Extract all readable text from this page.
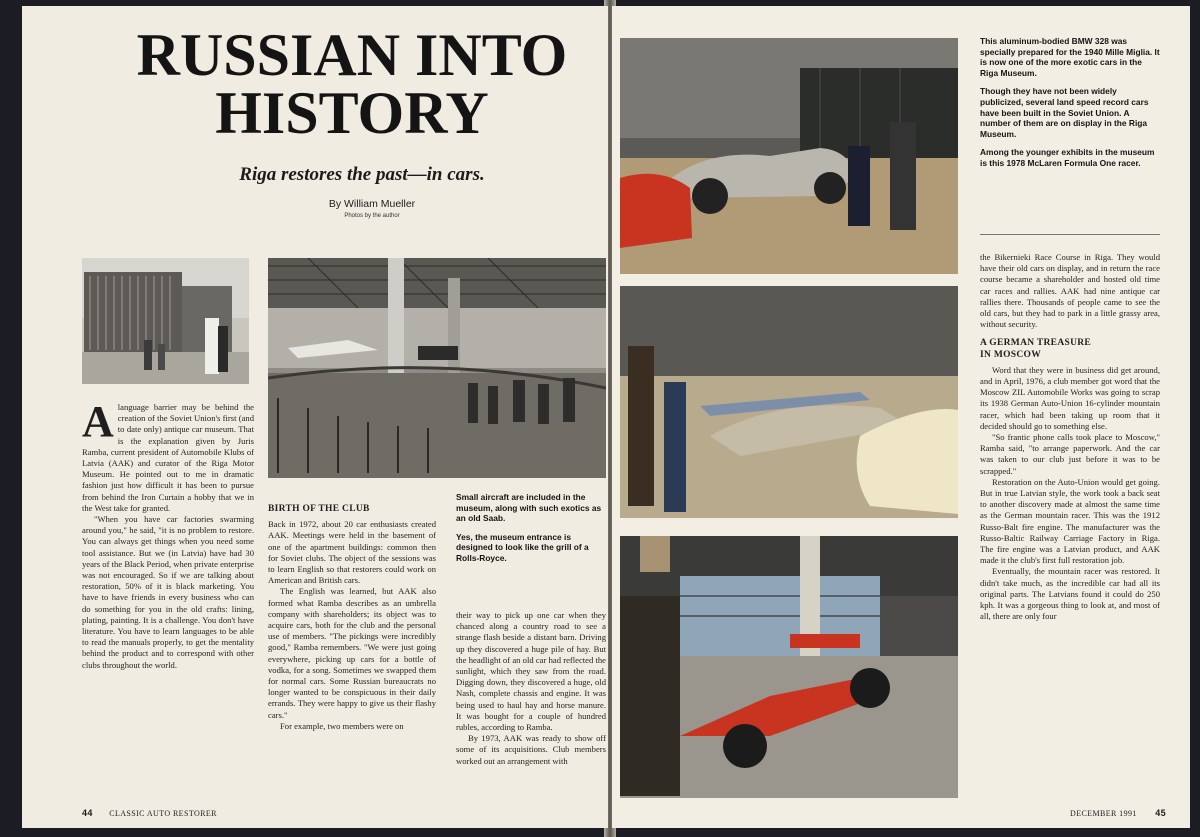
RUSSIAN INTO
HISTORY
Riga restores the past—in cars.
By William Mueller
Photos by the author

Alanguage barrier may be behind the creation of the Soviet Union's first (and to date only) antique car museum. That is the explanation given by Juris Ramba, current president of Automobile Klubs of Latvia (AAK) and curator of the Riga Motor Museum. He pointed out to me in dramatic fashion just how difficult it has been to pursue from behind the Iron Curtain a hobby that we in the West take for granted.

"When you have car factories swarming around you," he said, "it is no problem to restore. You can always get things when you need some tool assistance. But we (in Latvia) have had 30 years of the Black Period, when private enterprise was not encouraged. So if we are talking about restoration, 50% of it is black marketing. You have to have friends in every business who can do something for you in the old crafts: lining, plating, painting. It is a challenge. You don't have literature. You have to learn languages to be able to read the manuals properly, to get the mentality behind the product and to correspond with other clubs throughout the world.

BIRTH OF THE CLUB

Back in 1972, about 20 car enthusiasts created AAK. Meetings were held in the basement of one of the apartment buildings: common then for Soviet clubs. The object of the sessions was to learn English so that restorers could work on American and British cars.

The English was learned, but AAK also formed what Ramba describes as an umbrella company with shareholders; its object was to acquire cars, both for the club and the personal use of members. "The pickings were incredibly good," Ramba remembers. "We were just going everywhere, picking up cars for a bottle of vodka, for a song. Sometimes we swapped them for normal cars. Some Russian bureaucrats no longer wanted to be conspicuous in their daily errands. They were happy to give us their flashy cars."

For example, two members were on

Small aircraft are included in the museum, along with such exotics as an old Saab.

Yes, the museum entrance is designed to look like the grill of a Rolls-Royce.

their way to pick up one car when they chanced along a country road to see a strange flash beside a distant barn. Driving up they discovered a huge pile of hay. But the headlight of an old car had reflected the sunlight, which they saw from the road. Digging down, they discovered a huge, old Nash, complete chassis and engine. It was being used to haul hay and horse manure. It was bought for a couple of hundred rubles, according to Ramba.

By 1973, AAK was ready to show off some of its acquisitions. Club members worked out an arrangement with

44 CLASSIC AUTO RESTORER

This aluminum-bodied BMW 328 was specially prepared for the 1940 Mille Miglia. It is now one of the more exotic cars in the Riga Museum.

Though they have not been widely publicized, several land speed record cars have been built in the Soviet Union. A number of them are on display in the Riga Museum.

Among the younger exhibits in the museum is this 1978 McLaren Formula One racer.

the Bikernieki Race Course in Riga. They would have their old cars on display, and in return the race course became a shareholder and hosted old time car races and rallies. AAK had nine antique car rallies there. Thousands of people came to see the old cars, but they had to park in a little grassy area, without security.

A GERMAN TREASURE
IN MOSCOW

Word that they were in business did get around, and in April, 1976, a club member got word that the Moscow ZIL Automobile Works was going to scrap its 1938 German Auto-Union 16-cylinder mountain racer, which had been taking up room that it decided should go to something else.

"So frantic phone calls took place to Moscow," Ramba said, "to arrange paperwork. And the car was taken to our club just before it was to be scrapped."

Restoration on the Auto-Union would get going. But in true Latvian style, the work took a back seat to another discovery made at almost the same time as the German mountain racer. This was the 1912 Russo-Balt fire engine. The manufacturer was the Russo-Baltic Railway Carriage Factory in Riga. The fire engine was a Latvian product, and AAK made it the club's first full restoration job.

Eventually, the mountain racer was restored. It didn't take much, as the incredible car had all its original parts. The Latvians found it could do 250 kph. It was a gorgeous thing to look at, and most of all, there are only four

DECEMBER 1991 45
